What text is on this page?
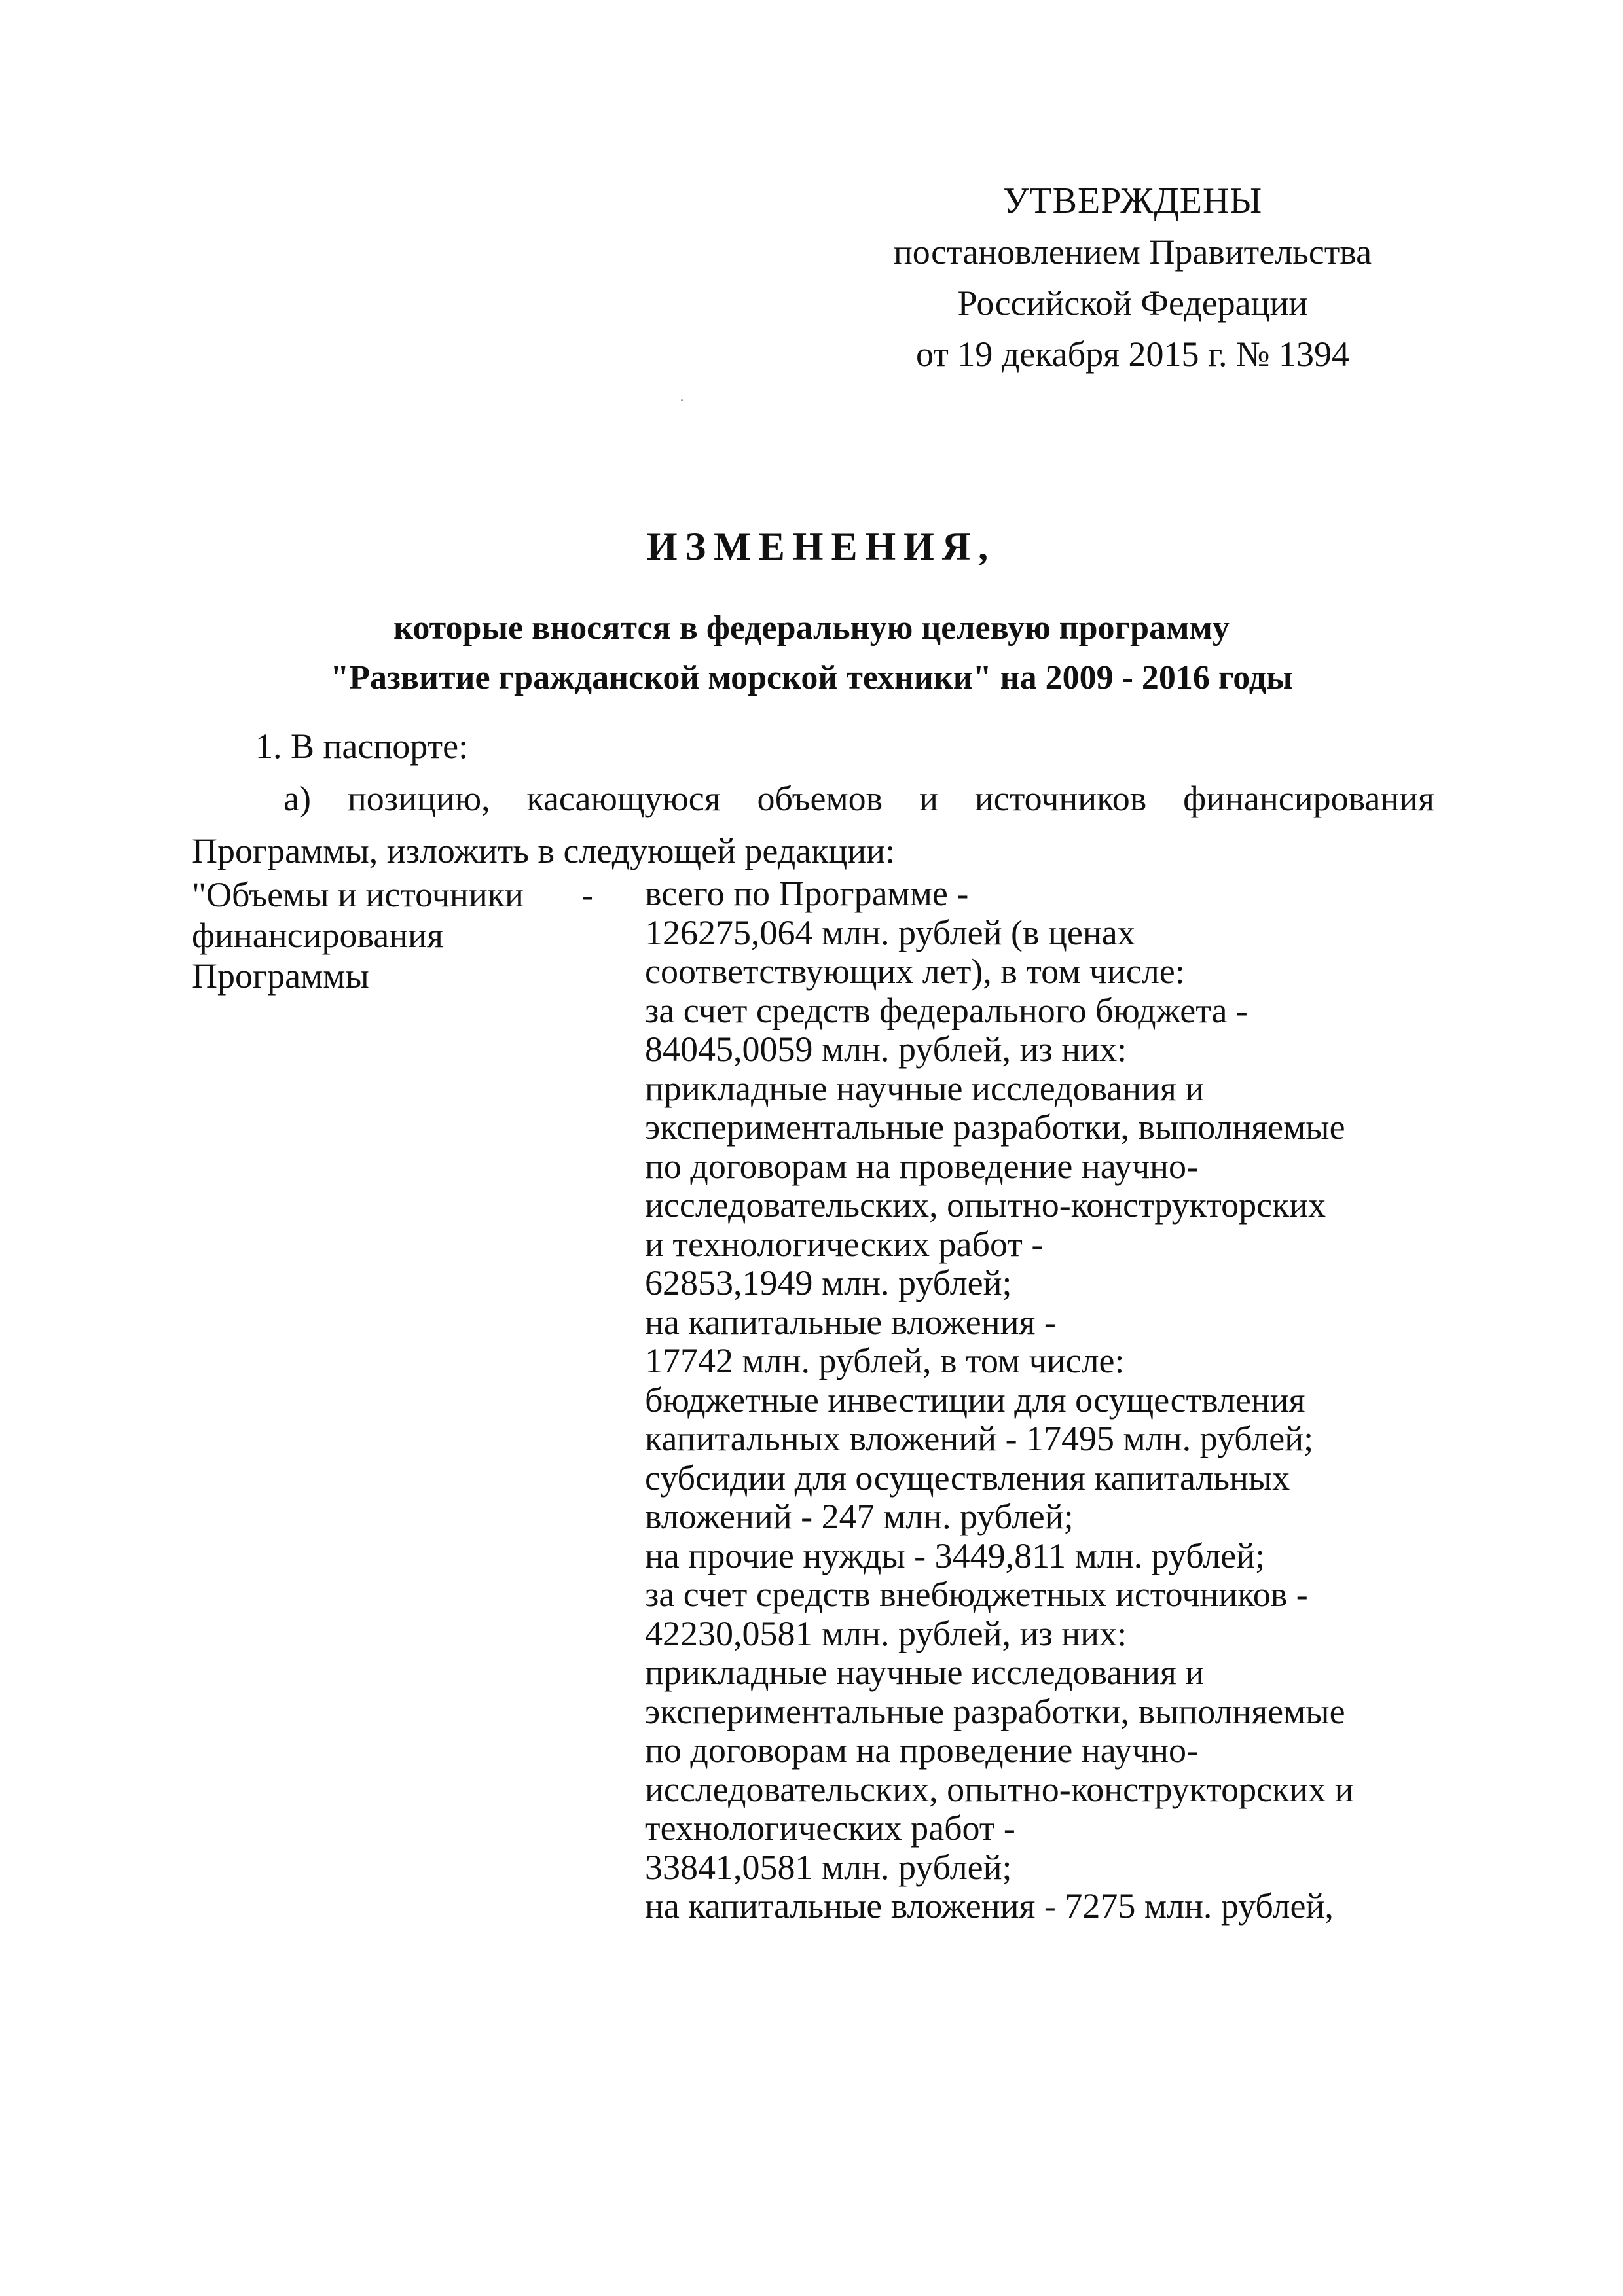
УТВЕРЖДЕНЫ
постановлением Правительства
Российской Федерации
от 19 декабря 2015 г. № 1394
ИЗМЕНЕНИЯ,
которые вносятся в федеральную целевую программу
"Развитие гражданской морской техники" на 2009 - 2016 годы
1. В паспорте:
а) позицию, касающуюся объемов и источников финансирования Программы, изложить в следующей редакции:
"Объемы и источники
финансирования
Программы
- всего по Программе -
126275,064 млн. рублей (в ценах
соответствующих лет), в том числе:
за счет средств федерального бюджета -
84045,0059 млн. рублей, из них:
прикладные научные исследования и
экспериментальные разработки, выполняемые
по договорам на проведение научно-
исследовательских, опытно-конструкторских
и технологических работ -
62853,1949 млн. рублей;
на капитальные вложения -
17742 млн. рублей, в том числе:
бюджетные инвестиции для осуществления
капитальных вложений - 17495 млн. рублей;
субсидии для осуществления капитальных
вложений - 247 млн. рублей;
на прочие нужды - 3449,811 млн. рублей;
за счет средств внебюджетных источников -
42230,0581 млн. рублей, из них:
прикладные научные исследования и
экспериментальные разработки, выполняемые
по договорам на проведение научно-
исследовательских, опытно-конструкторских и
технологических работ -
33841,0581 млн. рублей;
на капитальные вложения - 7275 млн. рублей,
